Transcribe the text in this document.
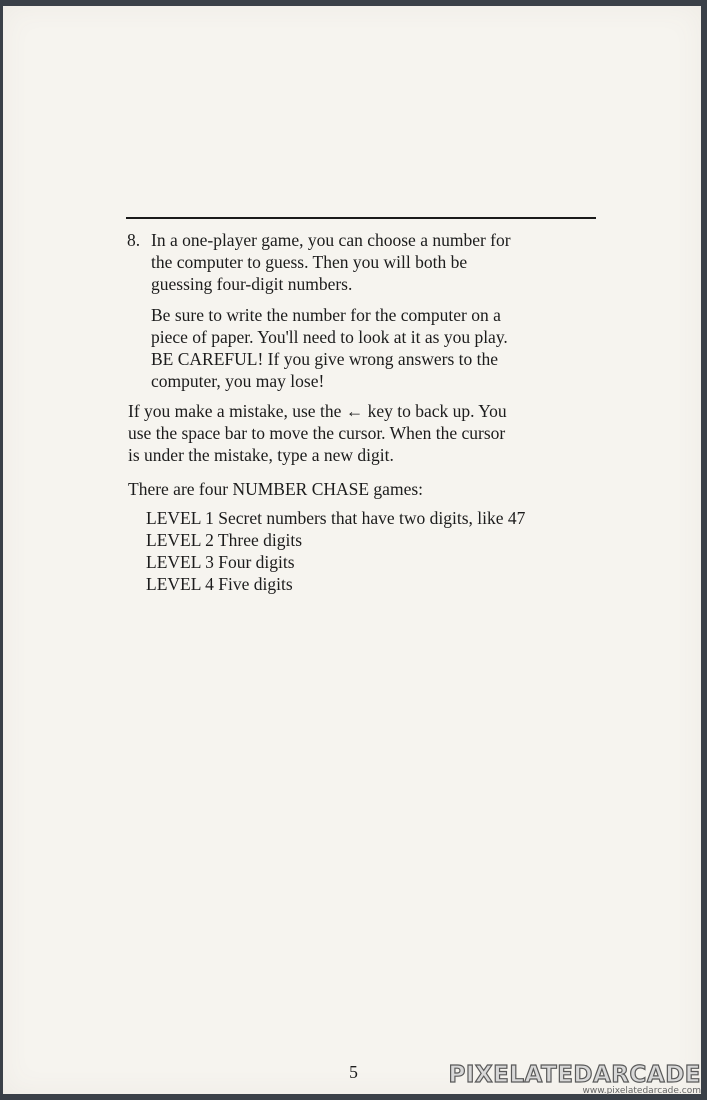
8. In a one-player game, you can choose a number for
the computer to guess. Then you will both be
guessing four-digit numbers.

Be sure to write the number for the computer on a
piece of paper. You'll need to look at it as you play.
BE CAREFUL! If you give wrong answers to the
computer, you may lose!

If you make a mistake, use the ← key to back up. You
use the space bar to move the cursor. When the cursor
is under the mistake, type a new digit.

There are four NUMBER CHASE games:

LEVEL 1 Secret numbers that have two digits, like 47
LEVEL 2 Three digits
LEVEL 3 Four digits
LEVEL 4 Five digits
5	PIXELATEDARCADE
www.pixelatedarcade.com
